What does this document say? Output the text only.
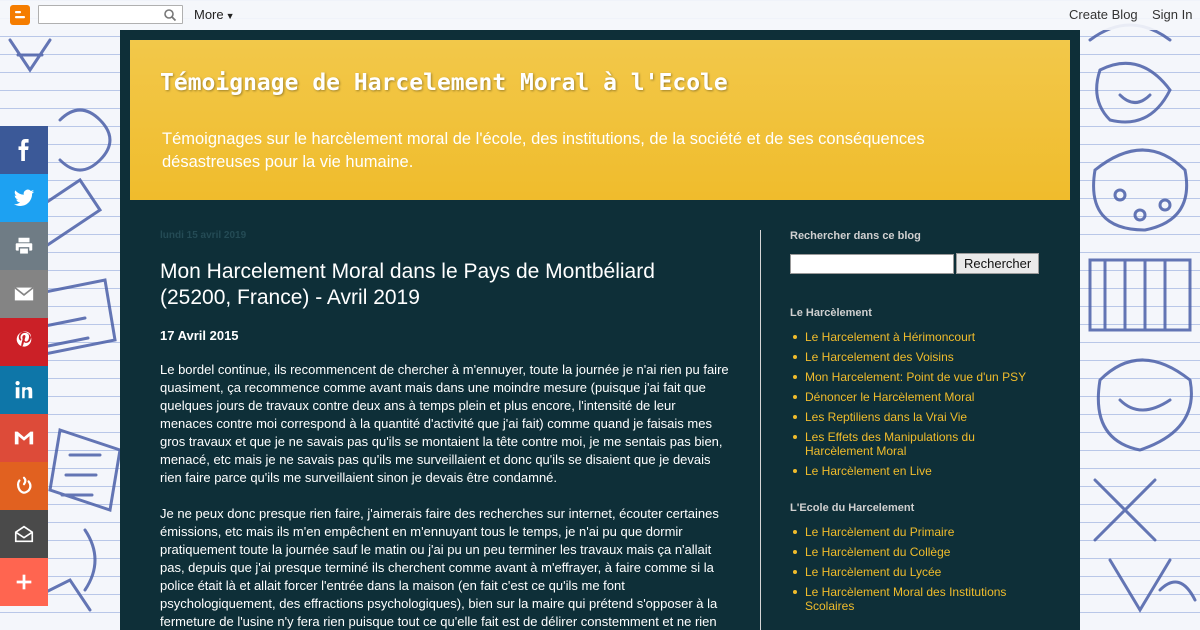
More ▼	Create Blog Sign In
Témoignage de Harcelement Moral à l'Ecole
Témoignages sur le harcèlement moral de l'école, des institutions, de la société et de ses conséquences désastreuses pour la vie humaine.
lundi 15 avril 2019
Mon Harcelement Moral dans le Pays de Montbéliard (25200, France) - Avril 2019
17 Avril 2015

Le bordel continue, ils recommencent de chercher à m'ennuyer, toute la journée je n'ai rien pu faire quasiment, ça recommence comme avant mais dans une moindre mesure (puisque j'ai fait que quelques jours de travaux contre deux ans à temps plein et plus encore, l'intensité de leur menaces contre moi correspond à la quantité d'activité que j'ai fait) comme quand je faisais mes gros travaux et que je ne savais pas qu'ils se montaient la tête contre moi, je me sentais pas bien, menacé, etc mais je ne savais pas qu'ils me surveillaient et donc qu'ils se disaient que je devais rien faire parce qu'ils me surveillaient sinon je devais être condamné.

Je ne peux donc presque rien faire, j'aimerais faire des recherches sur internet, écouter certaines émissions, etc mais ils m'en empêchent en m'ennuyant tous le temps, je n'ai pu que dormir pratiquement toute la journée sauf le matin ou j'ai pu un peu terminer les travaux mais ça n'allait pas, depuis que j'ai presque terminé ils cherchent comme avant à m'effrayer, à faire comme si la police était là et allait forcer l'entrée dans la maison (en fait c'est ce qu'ils me font psychologiquement, des effractions psychologiques), bien sur la maire qui prétend s'opposer à la fermeture de l'usine n'y fera rien puisque tout ce qu'elle fait est de délirer constemment et ne rien

Rechercher dans ce blog
Rechercher
Le Harcèlement
Le Harcelement à Hérimoncourt
Le Harcelement des Voisins
Mon Harcelement: Point de vue d'un PSY
Dénoncer le Harcèlement Moral
Les Reptiliens dans la Vrai Vie
Les Effets des Manipulations du Harcèlement Moral
Le Harcèlement en Live
L'Ecole du Harcelement
Le Harcèlement du Primaire
Le Harcèlement du Collège
Le Harcèlement du Lycée
Le Harcèlement Moral des Institutions Scolaires
